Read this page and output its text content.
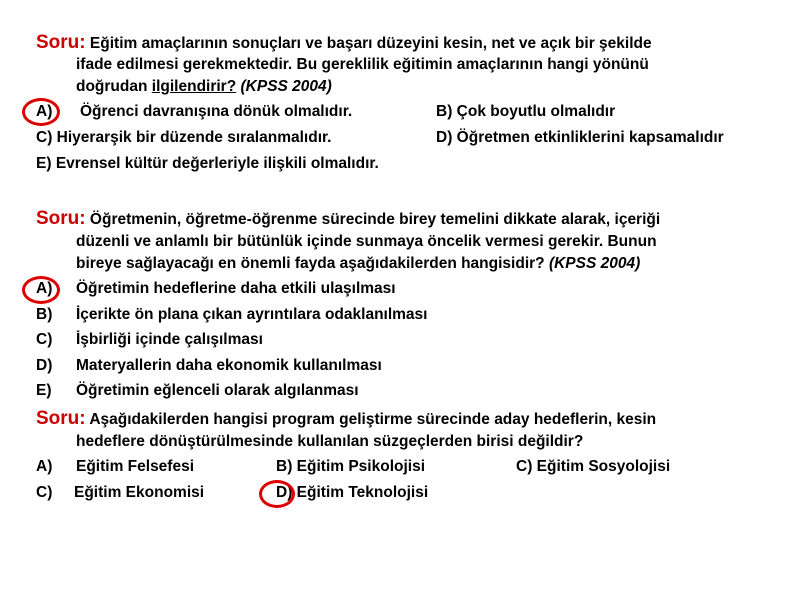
Soru: Eğitim amaçlarının sonuçları ve başarı düzeyini kesin, net ve açık bir şekilde
ifade edilmesi gerekmektedir. Bu gereklilik eğitimin amaçlarının hangi yönünü
doğrudan ilgilendirir? (KPSS 2004)
A) Öğrenci davranışına dönük olmalıdır.	B) Çok boyutlu olmalıdır
C) Hiyerarşik bir düzende sıralanmalıdır.	D) Öğretmen etkinliklerini kapsamalıdır
E) Evrensel kültür değerleriyle ilişkili olmalıdır.
Soru: Öğretmenin, öğretme-öğrenme sürecinde birey temelini dikkate alarak, içeriği
düzenli ve anlamlı bir bütünlük içinde sunmaya öncelik vermesi gerekir. Bunun
bireye sağlayacağı en önemli fayda aşağıdakilerden hangisidir? (KPSS 2004)
A) Öğretimin hedeflerine daha etkili ulaşılması
B) İçerikte ön plana çıkan ayrıntılara odaklanılması
C) İşbirliği içinde çalışılması
D) Materyallerin daha ekonomik kullanılması
E) Öğretimin eğlenceli olarak algılanması
Soru: Aşağıdakilerden hangisi program geliştirme sürecinde aday hedeflerin, kesin
hedeflere dönüştürülmesinde kullanılan süzgeçlerden birisi değildir?
A) Eğitim Felsefesi	B) Eğitim Psikolojisi	C) Eğitim Sosyolojisi
C) Eğitim Ekonomisi	D) Eğitim Teknolojisi
